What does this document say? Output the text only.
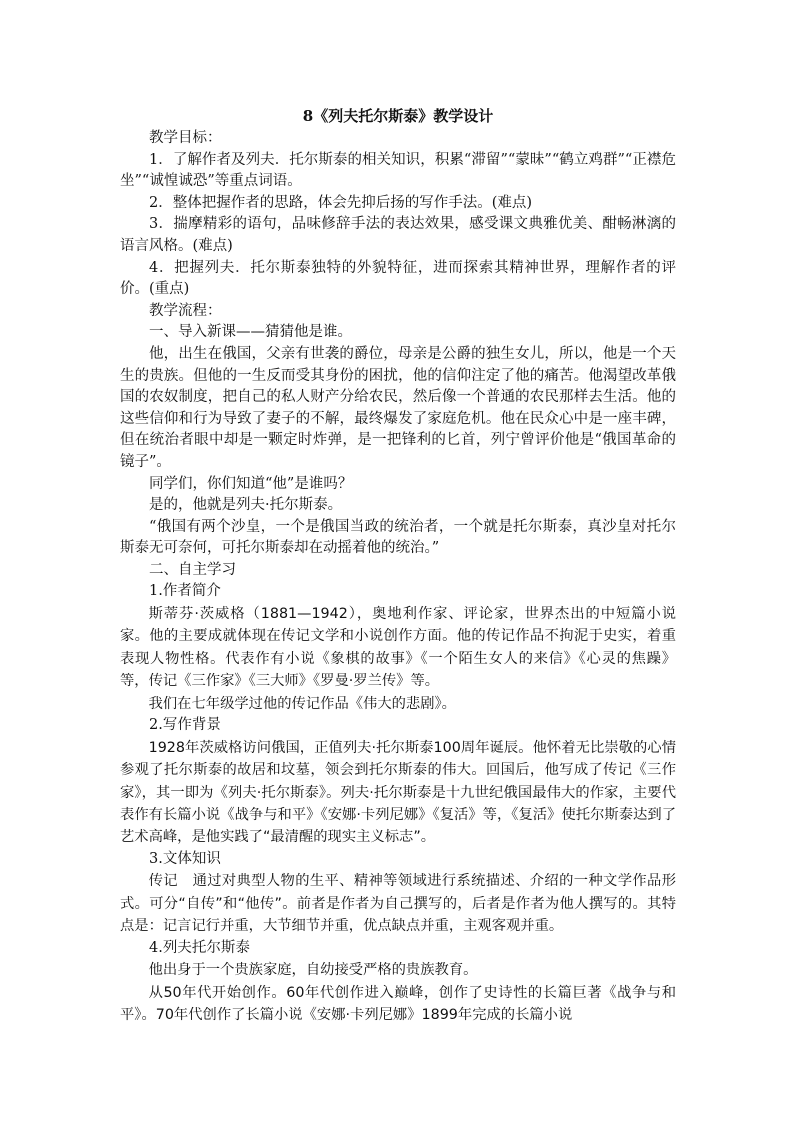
8《列夫托尔斯泰》教学设计

教学目标：

1．了解作者及列夫．托尔斯泰的相关知识，积累“滞留”“蒙昧”“鹤立鸡群”“正襟危坐”“诚惶诚恐”等重点词语。

2．整体把握作者的思路，体会先抑后扬的写作手法。(难点)

3．揣摩精彩的语句，品味修辞手法的表达效果，感受课文典雅优美、酣畅淋漓的语言风格。(难点)

4．把握列夫．托尔斯泰独特的外貌特征，进而探索其精神世界，理解作者的评价。(重点)

教学流程：

一、导入新课——猜猜他是谁。

他，出生在俄国，父亲有世袭的爵位，母亲是公爵的独生女儿，所以，他是一个天生的贵族。但他的一生反而受其身份的困扰，他的信仰注定了他的痛苦。他渴望改革俄国的农奴制度，把自己的私人财产分给农民，然后像一个普通的农民那样去生活。他的这些信仰和行为导致了妻子的不解，最终爆发了家庭危机。他在民众心中是一座丰碑，但在统治者眼中却是一颗定时炸弹，是一把锋利的匕首，列宁曾评价他是“俄国革命的镜子”。

同学们，你们知道“他”是谁吗？

是的，他就是列夫·托尔斯泰。

“俄国有两个沙皇，一个是俄国当政的统治者，一个就是托尔斯泰，真沙皇对托尔斯泰无可奈何，可托尔斯泰却在动摇着他的统治。”

二、自主学习

1.作者简介

斯蒂芬·茨威格（1881—1942），奥地利作家、评论家，世界杰出的中短篇小说家。他的主要成就体现在传记文学和小说创作方面。他的传记作品不拘泥于史实，着重表现人物性格。代表作有小说《象棋的故事》《一个陌生女人的来信》《心灵的焦躁》等，传记《三作家》《三大师》《罗曼·罗兰传》等。

我们在七年级学过他的传记作品《伟大的悲剧》。

2.写作背景

1928年茨威格访问俄国，正值列夫·托尔斯泰100周年诞辰。他怀着无比崇敬的心情参观了托尔斯泰的故居和坟墓，领会到托尔斯泰的伟大。回国后，他写成了传记《三作家》，其一即为《列夫·托尔斯泰》。列夫·托尔斯泰是十九世纪俄国最伟大的作家，主要代表作有长篇小说《战争与和平》《安娜·卡列尼娜》《复活》等，《复活》使托尔斯泰达到了艺术高峰，是他实践了“最清醒的现实主义标志”。

3.文体知识

传记　通过对典型人物的生平、精神等领域进行系统描述、介绍的一种文学作品形式。可分“自传”和“他传”。前者是作者为自己撰写的，后者是作者为他人撰写的。其特点是：记言记行并重，大节细节并重，优点缺点并重，主观客观并重。

4.列夫托尔斯泰

他出身于一个贵族家庭，自幼接受严格的贵族教育。

从50年代开始创作。60年代创作进入巅峰，创作了史诗性的长篇巨著《战争与和平》。70年代创作了长篇小说《安娜·卡列尼娜》1899年完成的长篇小说
